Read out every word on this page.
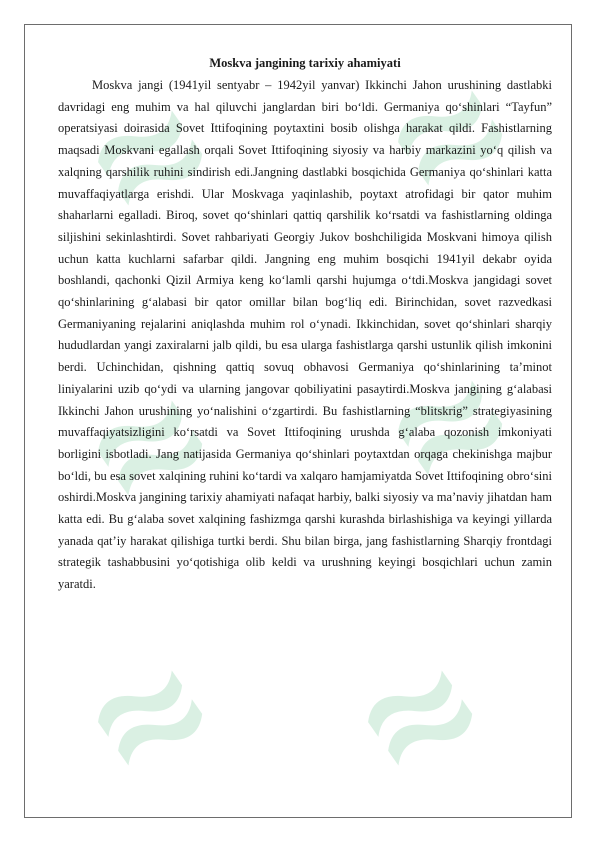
Moskva jangining tarixiy ahamiyati

Moskva jangi (1941yil sentyabr – 1942yil yanvar) Ikkinchi Jahon urushining dastlabki davridagi eng muhim va hal qiluvchi janglardan biri bo‘ldi. Germaniya qo‘shinlari “Tayfun” operatsiyasi doirasida Sovet Ittifoqining poytaxtini bosib olishga harakat qildi. Fashistlarning maqsadi Moskvani egallash orqali Sovet Ittifoqining siyosiy va harbiy markazini yo‘q qilish va xalqning qarshilik ruhini sindirish edi.Jangning dastlabki bosqichida Germaniya qo‘shinlari katta muvaffaqiyatlarga erishdi. Ular Moskvaga yaqinlashib, poytaxt atrofidagi bir qator muhim shaharlarni egalladi. Biroq, sovet qo‘shinlari qattiq qarshilik ko‘rsatdi va fashistlarning oldinga siljishini sekinlashtirdi. Sovet rahbariyati Georgiy Jukov boshchiligida Moskvani himoya qilish uchun katta kuchlarni safarbar qildi. Jangning eng muhim bosqichi 1941yil dekabr oyida boshlandi, qachonki Qizil Armiya keng ko‘lamli qarshi hujumga o‘tdi.Moskva jangidagi sovet qo‘shinlarining g‘alabasi bir qator omillar bilan bog‘liq edi. Birinchidan, sovet razvedkasi Germaniyaning rejalarini aniqlashda muhim rol o‘ynadi. Ikkinchidan, sovet qo‘shinlari sharqiy hududlardan yangi zaxiralarni jalb qildi, bu esa ularga fashistlarga qarshi ustunlik qilish imkonini berdi. Uchinchidan, qishning qattiq sovuq obhavosi Germaniya qo‘shinlarining ta’minot liniyalarini uzib qo‘ydi va ularning jangovar qobiliyatini pasaytirdi.Moskva jangining g‘alabasi Ikkinchi Jahon urushining yo‘nalishini o‘zgartirdi. Bu fashistlarning “blitskrig” strategiyasining muvaffaqiyatsizligini ko‘rsatdi va Sovet Ittifoqining urushda g‘alaba qozonish imkoniyati borligini isbotladi. Jang natijasida Germaniya qo‘shinlari poytaxtdan orqaga chekinishga majbur bo‘ldi, bu esa sovet xalqining ruhini ko‘tardi va xalqaro hamjamiyatda Sovet Ittifoqining obro‘sini oshirdi.Moskva jangining tarixiy ahamiyati nafaqat harbiy, balki siyosiy va ma’naviy jihatdan ham katta edi. Bu g‘alaba sovet xalqining fashizmga qarshi kurashda birlashishiga va keyingi yillarda yanada qat’iy harakat qilishiga turtki berdi. Shu bilan birga, jang fashistlarning Sharqiy frontdagi strategik tashabbusini yo‘qotishiga olib keldi va urushning keyingi bosqichlari uchun zamin yaratdi.
